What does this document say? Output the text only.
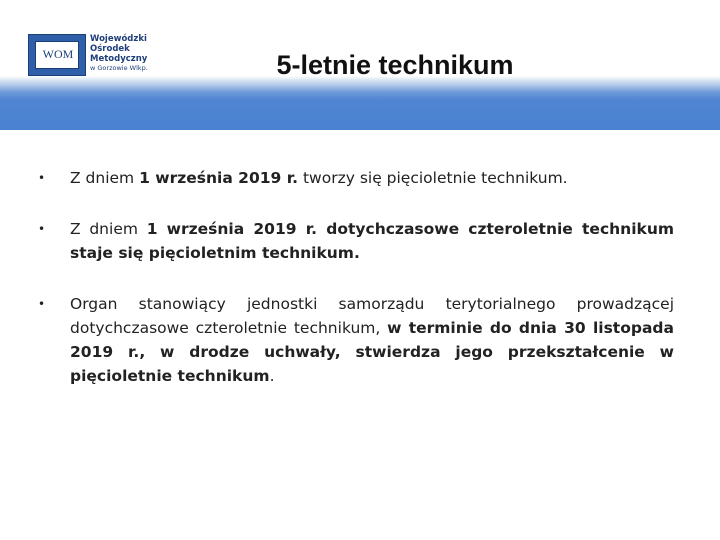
WOM
Wojewódzki
Ośrodek
Metodyczny
w Gorzowie Wlkp.	5-letnie technikum
•	Z dniem 1 września 2019 r. tworzy się pięcioletnie technikum.
•	Z dniem 1 września 2019 r. dotychczasowe czteroletnie technikum staje się pięcioletnim technikum.
•	Organ stanowiący jednostki samorządu terytorialnego prowadzącej dotychczasowe czteroletnie technikum, w terminie do dnia 30 listopada 2019 r., w drodze uchwały, stwierdza jego przekształcenie w pięcioletnie technikum.
